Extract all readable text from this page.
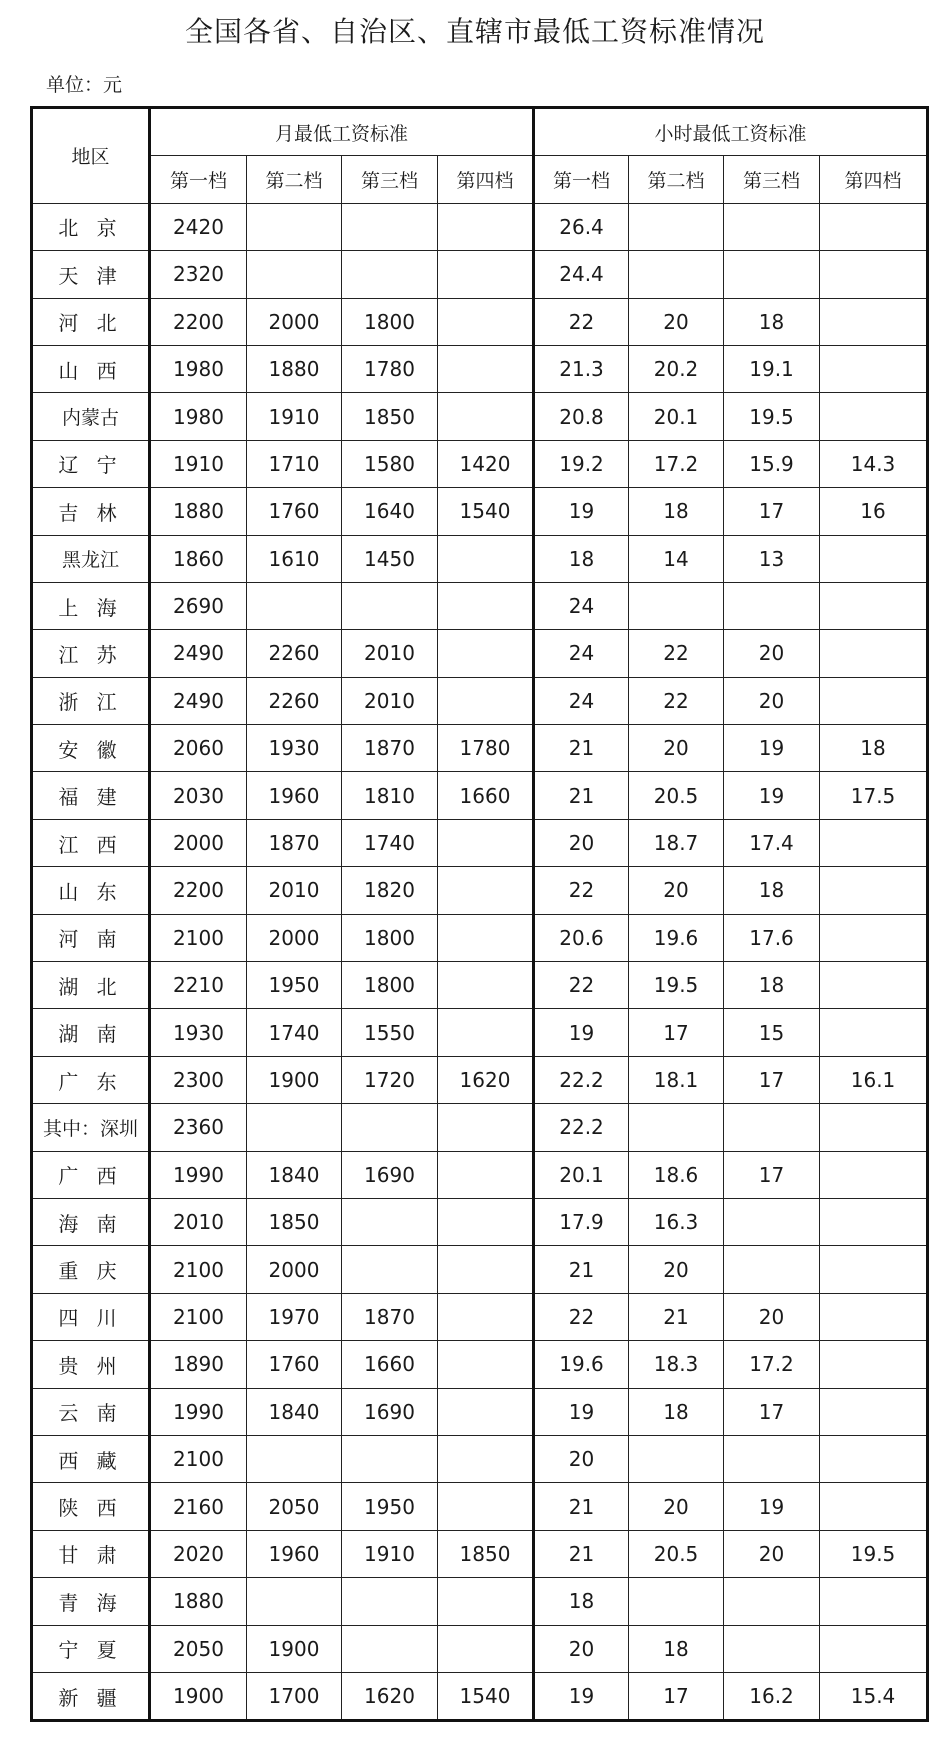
全国各省、自治区、直辖市最低工资标准情况
单位：元
地区	月最低工资标准				小时最低工资标准			
	第一档	第二档	第三档	第四档	第一档	第二档	第三档	第四档
北 京	2420				26.4			
天 津	2320				24.4			
河 北	2200	2000	1800		22	20	18	
山 西	1980	1880	1780		21.3	20.2	19.1	
内蒙古	1980	1910	1850		20.8	20.1	19.5	
辽 宁	1910	1710	1580	1420	19.2	17.2	15.9	14.3
吉 林	1880	1760	1640	1540	19	18	17	16
黑龙江	1860	1610	1450		18	14	13	
上 海	2690				24			
江 苏	2490	2260	2010		24	22	20	
浙 江	2490	2260	2010		24	22	20	
安 徽	2060	1930	1870	1780	21	20	19	18
福 建	2030	1960	1810	1660	21	20.5	19	17.5
江 西	2000	1870	1740		20	18.7	17.4	
山 东	2200	2010	1820		22	20	18	
河 南	2100	2000	1800		20.6	19.6	17.6	
湖 北	2210	1950	1800		22	19.5	18	
湖 南	1930	1740	1550		19	17	15	
广 东	2300	1900	1720	1620	22.2	18.1	17	16.1
其中：深圳	2360				22.2			
广 西	1990	1840	1690		20.1	18.6	17	
海 南	2010	1850			17.9	16.3		
重 庆	2100	2000			21	20		
四 川	2100	1970	1870		22	21	20	
贵 州	1890	1760	1660		19.6	18.3	17.2	
云 南	1990	1840	1690		19	18	17	
西 藏	2100				20			
陕 西	2160	2050	1950		21	20	19	
甘 肃	2020	1960	1910	1850	21	20.5	20	19.5
青 海	1880				18			
宁 夏	2050	1900			20	18		
新 疆	1900	1700	1620	1540	19	17	16.2	15.4
